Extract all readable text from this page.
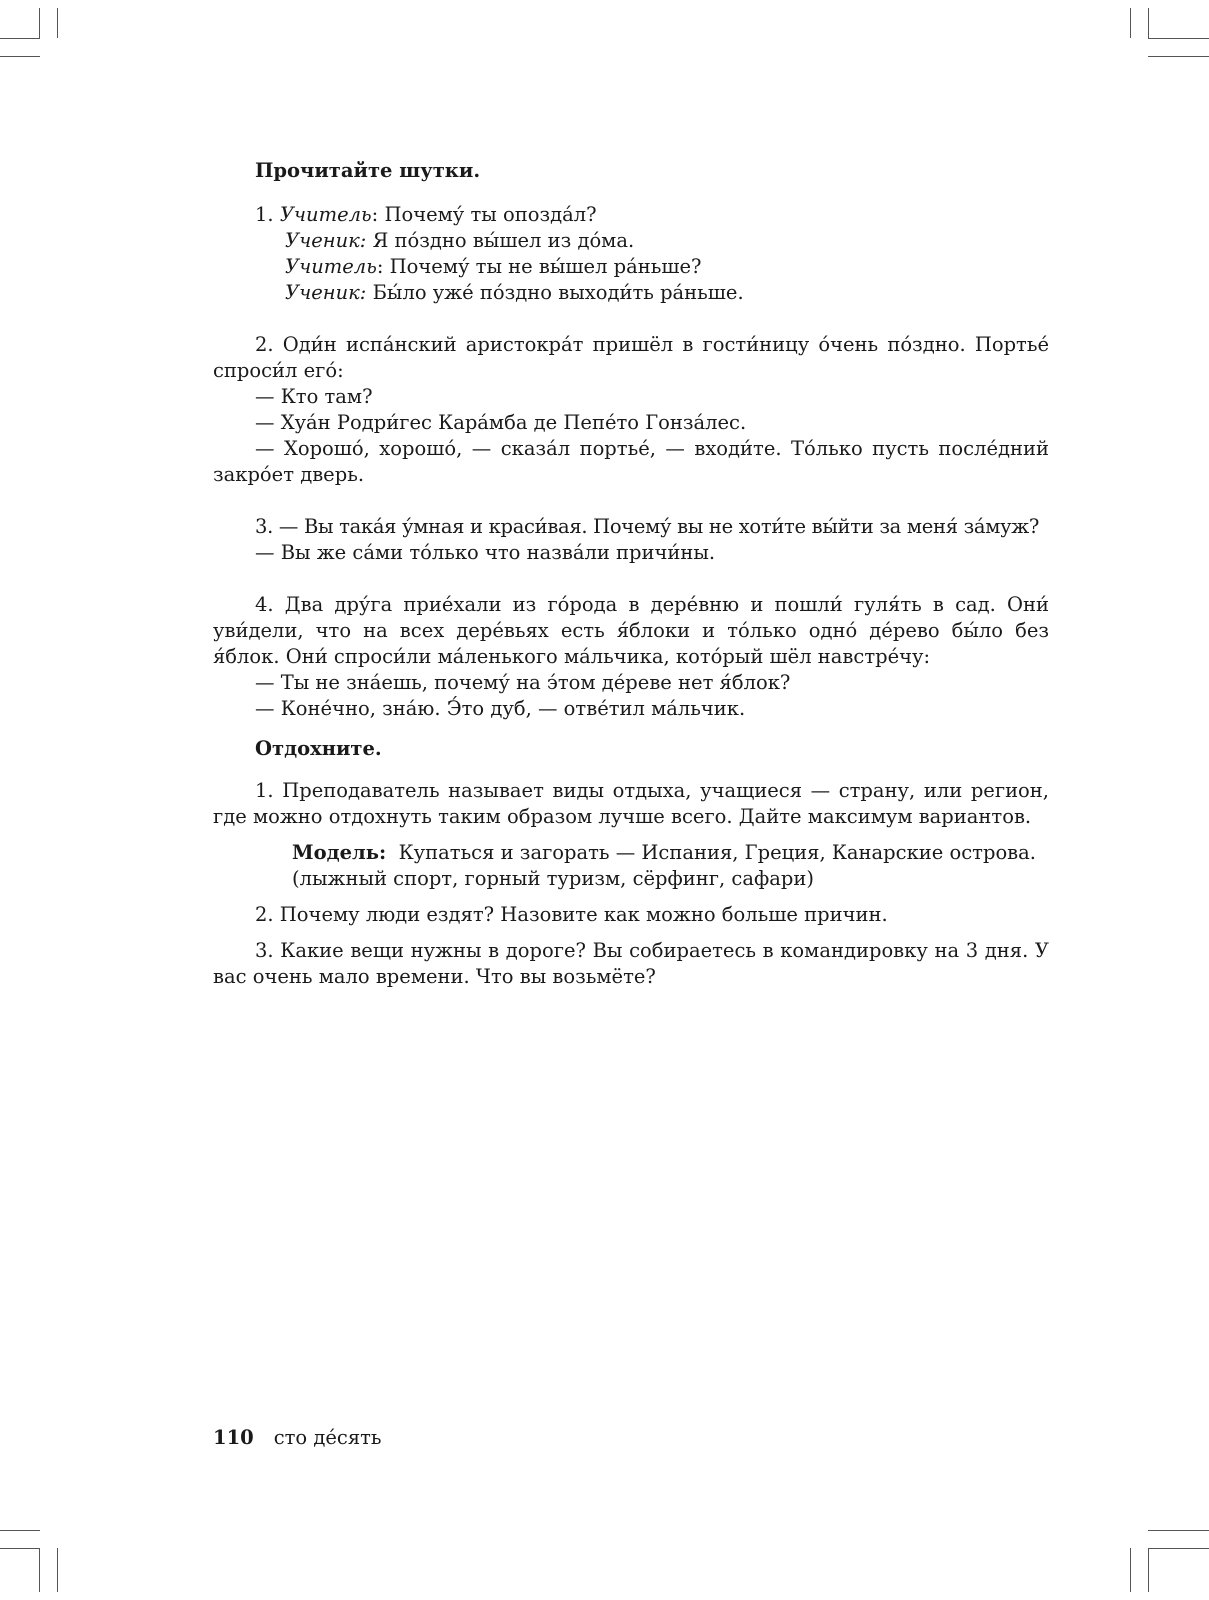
Прочитайте шутки.
1. Учитель: Почему́ ты опозда́л?
Ученик: Я по́здно вы́шел из до́ма.
Учитель: Почему́ ты не вы́шел ра́ньше?
Ученик: Бы́ло уже́ по́здно выходи́ть ра́ньше.
2. Оди́н испа́нский аристокра́т пришёл в гости́ницу о́чень по́здно. Портье́ спроси́л его́:
— Кто там?
— Хуа́н Родри́гес Кара́мба де Пепе́то Гонза́лес.
— Хорошо́, хорошо́, — сказа́л портье́, — входи́те. То́лько пусть после́дний закро́ет дверь.
3. — Вы така́я у́мная и краси́вая. Почему́ вы не хоти́те вы́йти за меня́ за́муж?
— Вы же са́ми то́лько что назва́ли причи́ны.
4. Два дру́га прие́хали из го́рода в дере́вню и пошли́ гуля́ть в сад. Они́ уви́дели, что на всех дере́вьях есть я́блоки и то́лько одно́ де́рево бы́ло без я́блок. Они́ спроси́ли ма́ленького ма́льчика, кото́рый шёл навстре́чу:
— Ты не зна́ешь, почему́ на э́том де́реве нет я́блок?
— Коне́чно, зна́ю. Э́то дуб, — отве́тил ма́льчик.
Отдохните.
1. Преподаватель называет виды отдыха, учащиеся — страну, или регион, где можно отдохнуть таким образом лучше всего. Дайте максимум вариантов.
Модель: Купаться и загорать — Испания, Греция, Канарские острова.
(лыжный спорт, горный туризм, сёрфинг, сафари)
2. Почему люди ездят? Назовите как можно больше причин.
3. Какие вещи нужны в дороге? Вы собираетесь в командировку на 3 дня. У вас очень мало времени. Что вы возьмёте?
110 сто де́сять
